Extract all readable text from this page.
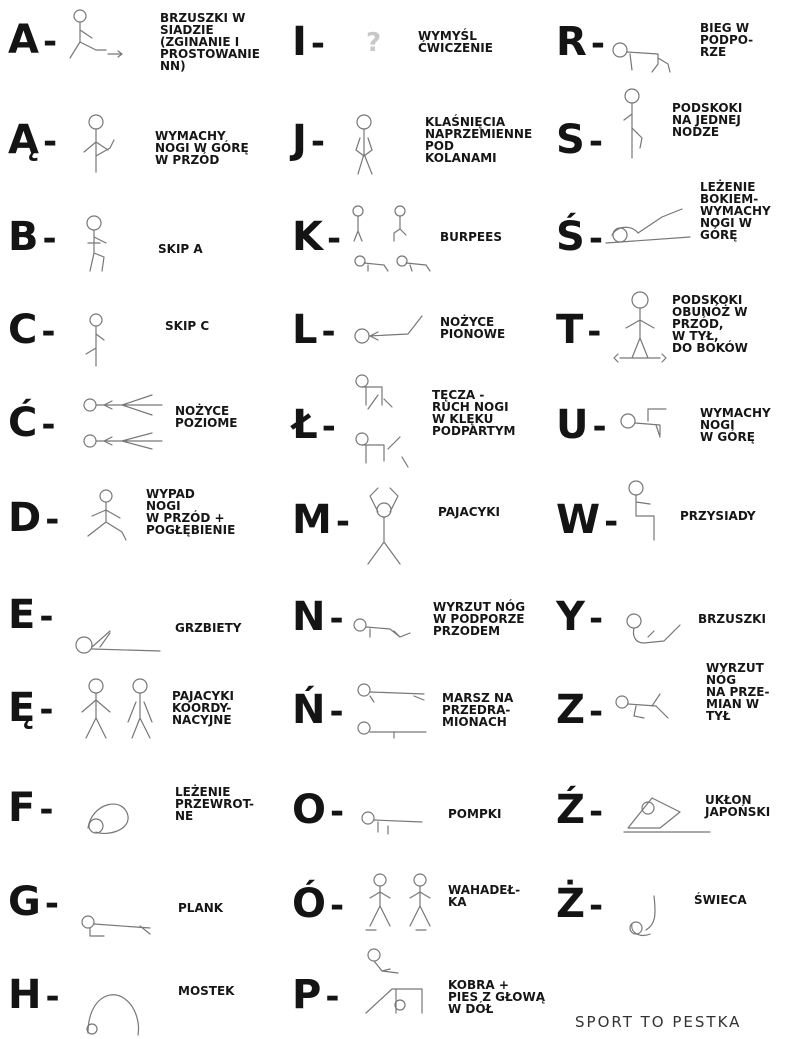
A -
BRZUSZKI W
SIADZIE
(ZGINANIE I
PROSTOWANIE
NN)
Ą -	WYMACHY
NOGI W GÓRĘ
W PRZÓD
B -	SKIP A
C -	SKIP C
Ć -	NOŻYCE
POZIOME
D -
WYPAD
NOGI
W PRZÓD +
POGŁĘBIENIE
E -	GRZBIETY
Ę -	PAJACYKI
KOORDY-
NACYJNE
F -	LEŻENIE
PRZEWROT-
NE
G -	PLANK
H -	MOSTEK
I - ?	WYMYŚL
ĆWICZENIE
J -	KLAŚNIĘCIA
NAPRZEMIENNE
POD
KOLANAMI
K -	BURPEES
L -	NOŻYCE
PIONOWE
Ł -
TĘCZA -
RUCH NOGI
W KLĘKU
PODPARTYM
M -	PAJACYKI
N -	WYRZUT NÓG
W PODPORZE
PRZODEM
Ń -	MARSZ NA
PRZEDRA-
MIONACH
O -	POMPKI
Ó -	WAHADEŁ-
KA
P -	KOBRA +
PIES Z GŁOWĄ
W DÓŁ
R -	BIEG W
PODPO-
RZE
S -
PODSKOKI
NA JEDNEJ
NODZE
Ś -
LEŻENIE
BOKIEM-
WYMACHY
NOGI W
GÓRĘ
T -
PODSKOKI
OBUNÓŻ W
PRZÓD,
W TYŁ,
DO BOKÓW
U -	WYMACHY
NOGI
W GÓRĘ
W -	PRZYSIADY
Y -	BRZUSZKI
Z -
WYRZUT
NÓG
NA PRZE-
MIAN W
TYŁ
Ź -	UKŁON
JAPOŃSKI
Ż -	ŚWIECA
SPORT TO PESTKA
